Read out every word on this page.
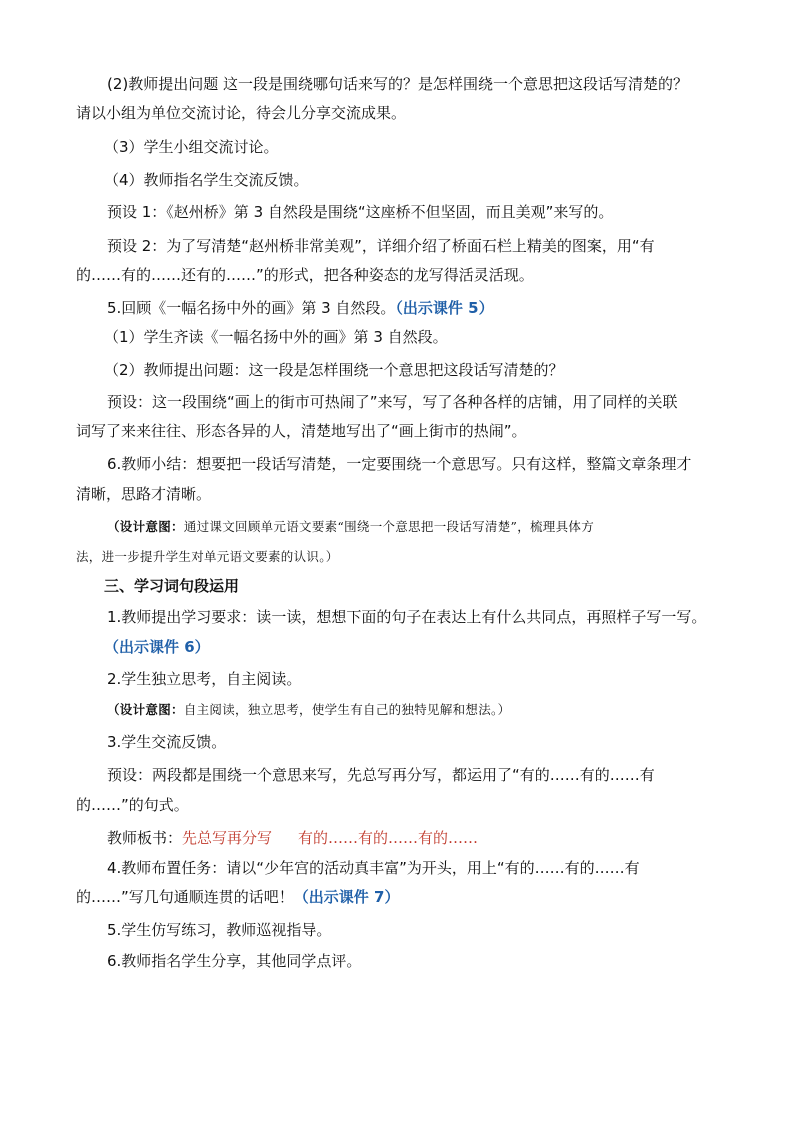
(2)教师提出问题 这一段是围绕哪句话来写的？是怎样围绕一个意思把这段话写清楚的？
请以小组为单位交流讨论，待会儿分享交流成果。
（3）学生小组交流讨论。
（4）教师指名学生交流反馈。
预设 1：《赵州桥》第 3 自然段是围绕“这座桥不但坚固，而且美观”来写的。
预设 2：为了写清楚“赵州桥非常美观”，详细介绍了桥面石栏上精美的图案，用“有
的……有的……还有的……”的形式，把各种姿态的龙写得活灵活现。
5.回顾《一幅名扬中外的画》第 3 自然段。（出示课件 5）
（1）学生齐读《一幅名扬中外的画》第 3 自然段。
（2）教师提出问题：这一段是怎样围绕一个意思把这段话写清楚的？
预设：这一段围绕“画上的街市可热闹了”来写，写了各种各样的店铺，用了同样的关联
词写了来来往往、形态各异的人，清楚地写出了“画上街市的热闹”。
6.教师小结：想要把一段话写清楚，一定要围绕一个意思写。只有这样，整篇文章条理才
清晰，思路才清晰。
（设计意图：通过课文回顾单元语文要素“围绕一个意思把一段话写清楚”，梳理具体方
法，进一步提升学生对单元语文要素的认识。）
三、学习词句段运用
1.教师提出学习要求：读一读，想想下面的句子在表达上有什么共同点，再照样子写一写。
（出示课件 6）
2.学生独立思考，自主阅读。
（设计意图：自主阅读，独立思考，使学生有自己的独特见解和想法。）
3.学生交流反馈。
预设：两段都是围绕一个意思来写，先总写再分写，都运用了“有的……有的……有
的……”的句式。
教师板书：先总写再分写 有的……有的……有的……
4.教师布置任务：请以“少年宫的活动真丰富”为开头，用上“有的……有的……有
的……”写几句通顺连贯的话吧！（出示课件 7）
5.学生仿写练习，教师巡视指导。
6.教师指名学生分享，其他同学点评。
